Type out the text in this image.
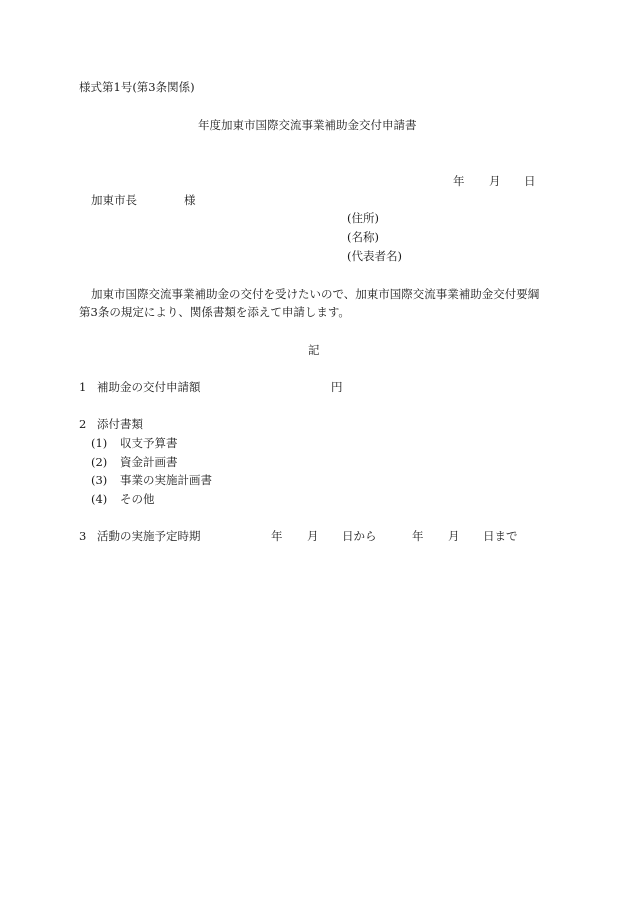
様式第1号(第3条関係)
年度加東市国際交流事業補助金交付申請書
年 月 日
加東市長	様
(住所)
(名称)
(代表者名)
加東市国際交流事業補助金の交付を受けたいので、加東市国際交流事業補助金交付要綱
第3条の規定により、関係書類を添えて申請します。
記
1 補助金の交付申請額	円
2 添付書類
(1) 収支予算書
(2) 資金計画書
(3) 事業の実施計画書
(4) その他
3 活動の実施予定時期	年 月 日から	年 月 日まで
